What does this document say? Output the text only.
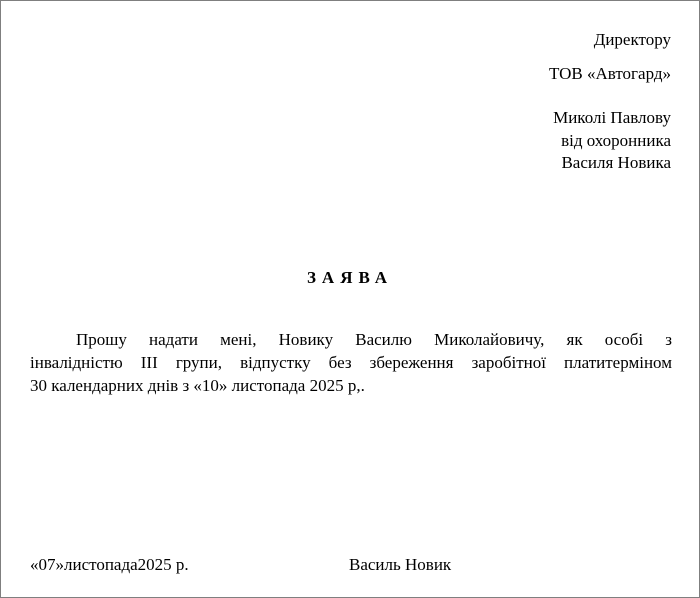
Директору
ТОВ «Автогард»
Миколі Павлову
від охоронника
Василя Новика
ЗАЯВА
Прошу надати мені, Новику Василю Миколайовичу, як особі з
інвалідністю III групи, відпустку без збереження заробітної платитерміном
30 календарних днів з «10» листопада 2025 р,.
«07»листопада2025 р.	Василь Новик
